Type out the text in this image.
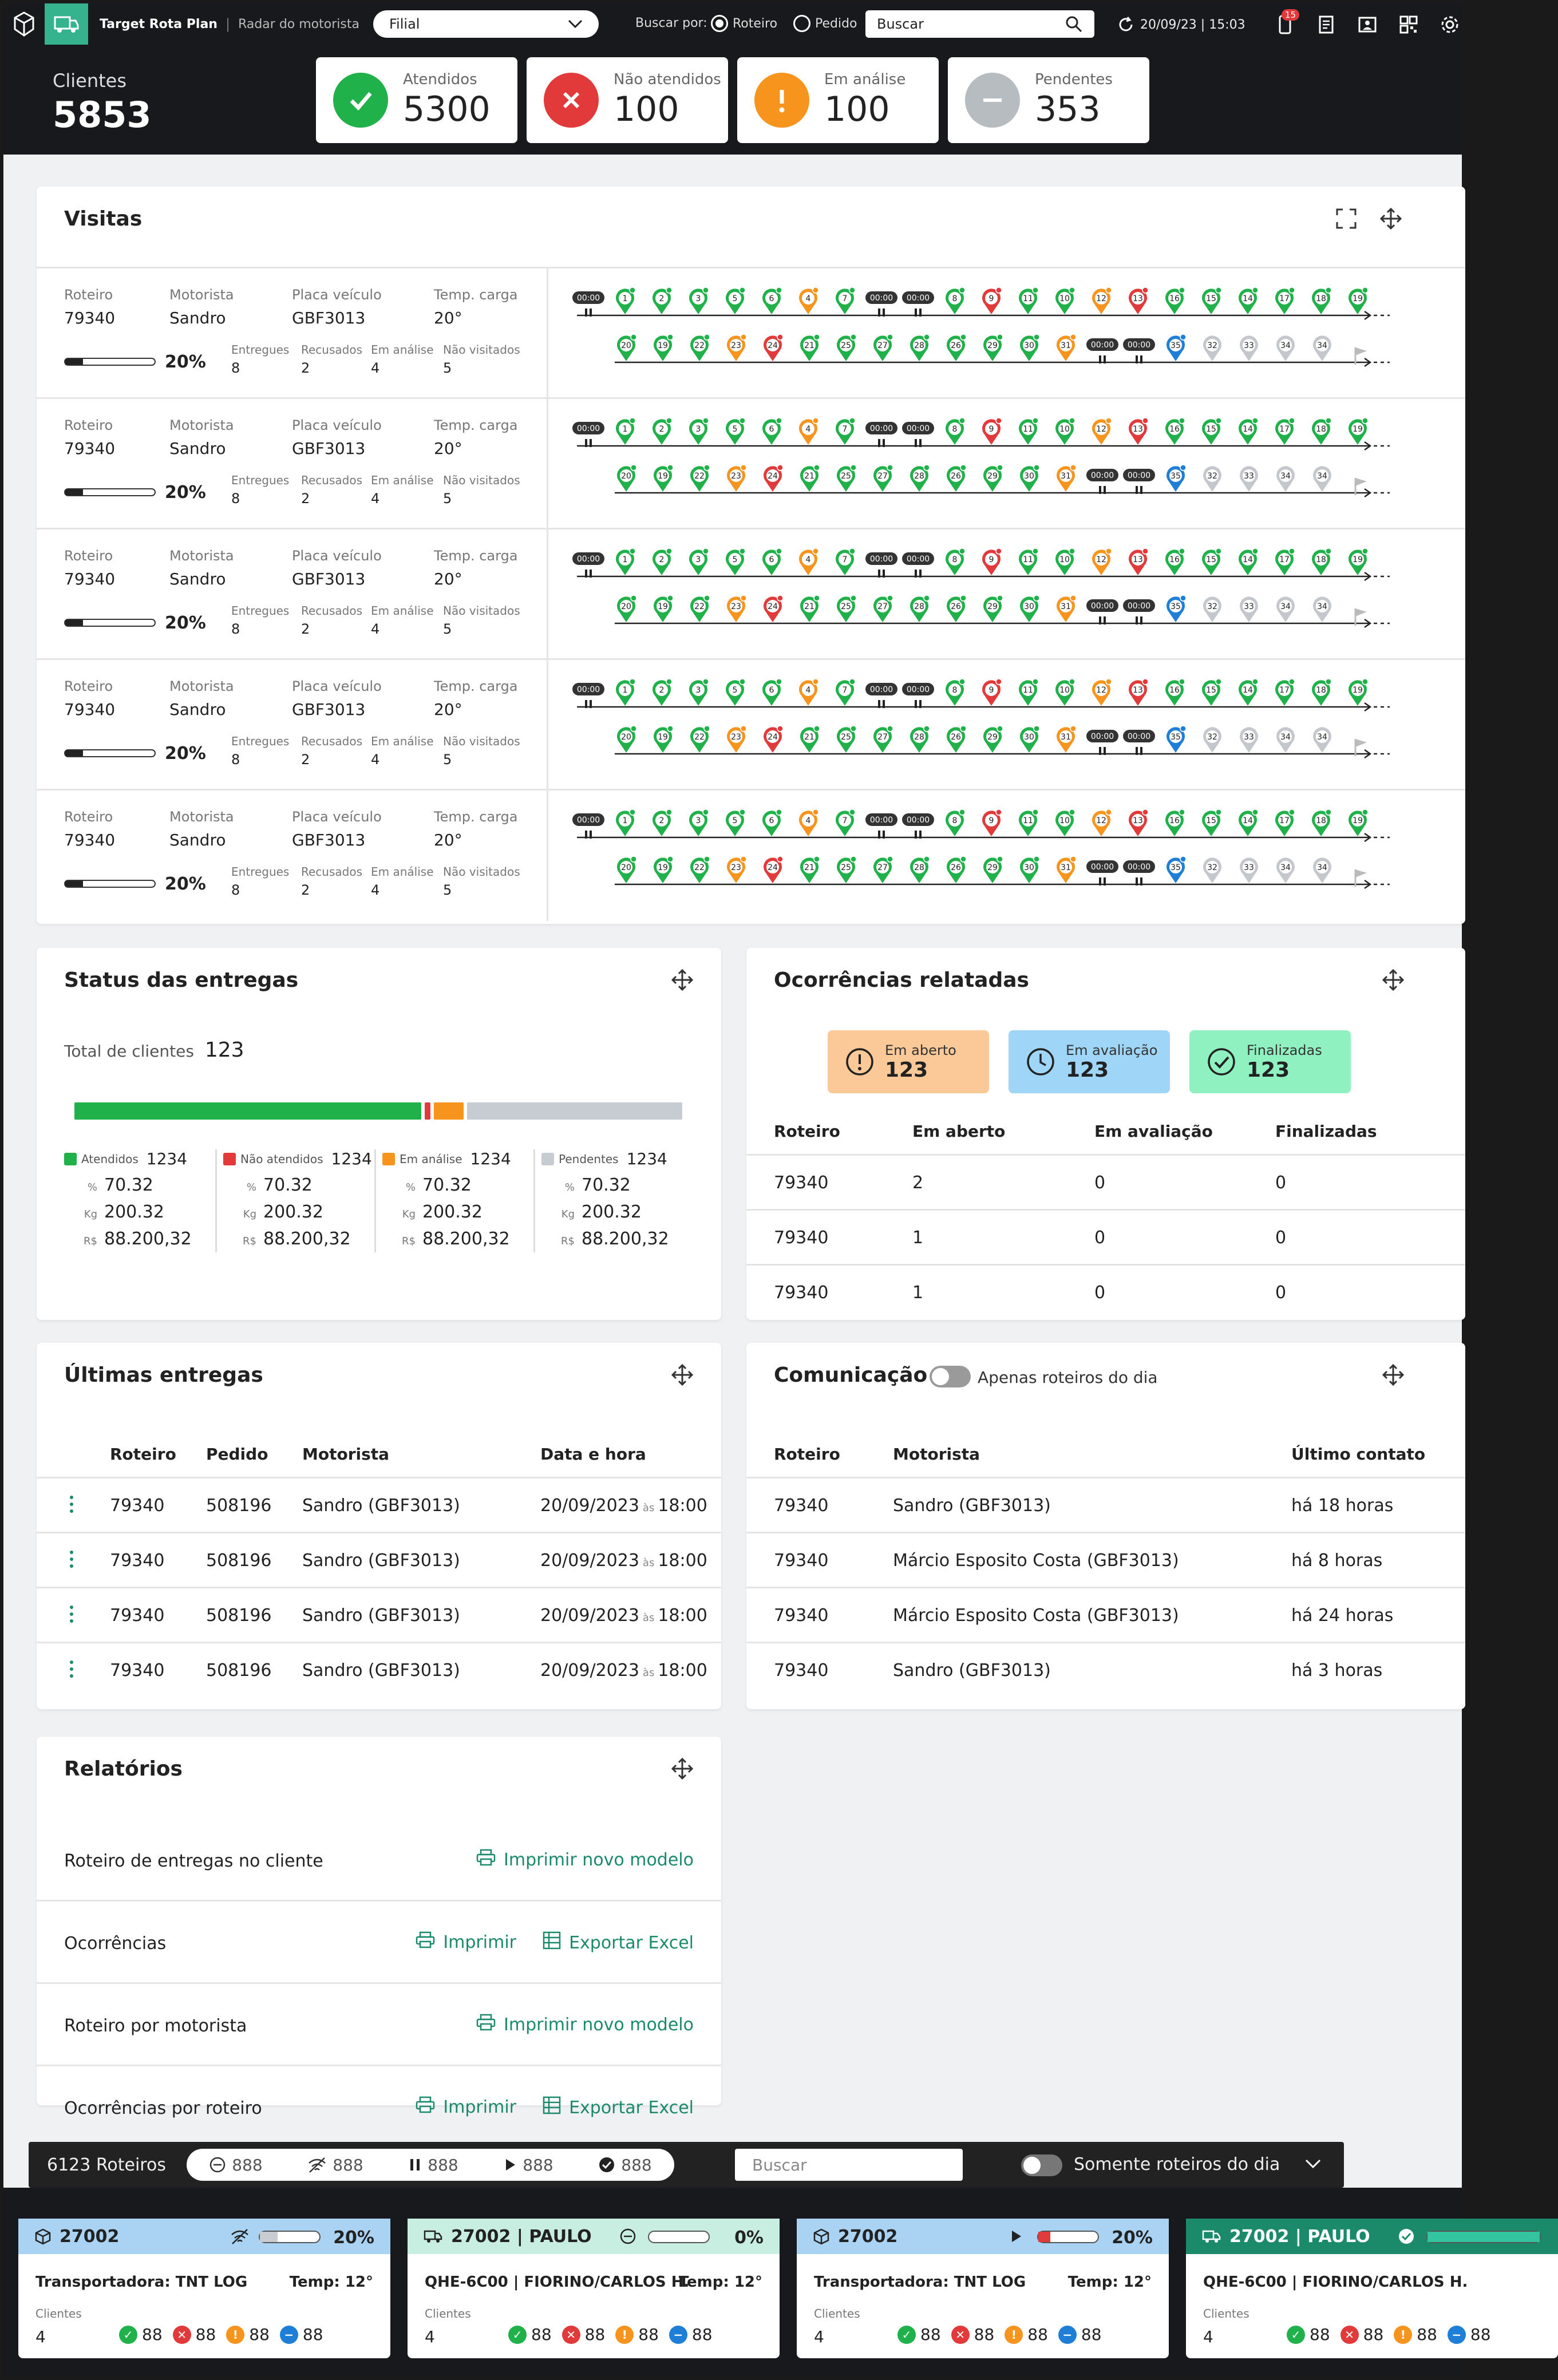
Target Rota Plan | Radar do motorista Filial	Buscar por: Roteiro	Pedido Buscar	20/09/23 | 15:03
15
Clientes
5853
Atendidos
5300
Não atendidos
100
Em análise
100
Pendentes
353
Visitas
Roteiro
79340
Motorista
Sandro
Placa veículo
GBF3013
Temp. carga
20°
20%
Entregues
8
Recusados
2
Em análise
4
Não visitados
5
00:00	1	2	3	5	6	4	7	00:00 00:00	8	9	11	10	12	13	16	15	14	17	18	19
20	19	22	23	24	21	25	27	28	26	29	30	31 00:00 00:00 35	32	33	34	34
Roteiro
79340
Motorista
Sandro
Placa veículo
GBF3013
Temp. carga
20°
20%
Entregues
8
Recusados
2
Em análise
4
Não visitados
5
00:00	1	2	3	5	6	4	7	00:00 00:00	8	9	11	10	12	13	16	15	14	17	18	19
20	19	22	23	24	21	25	27	28	26	29	30	31 00:00 00:00 35	32	33	34	34
Roteiro
79340
Motorista
Sandro
Placa veículo
GBF3013
Temp. carga
20°
20%
Entregues
8
Recusados
2
Em análise
4
Não visitados
5
00:00	1	2	3	5	6	4	7	00:00 00:00	8	9	11	10	12	13	16	15	14	17	18	19
20	19	22	23	24	21	25	27	28	26	29	30	31 00:00 00:00 35	32	33	34	34
Roteiro
79340
Motorista
Sandro
Placa veículo
GBF3013
Temp. carga
20°
20%
Entregues
8
Recusados
2
Em análise
4
Não visitados
5
00:00	1	2	3	5	6	4	7	00:00 00:00	8	9	11	10	12	13	16	15	14	17	18	19
20	19	22	23	24	21	25	27	28	26	29	30	31 00:00 00:00 35	32	33	34	34
Roteiro
79340
Motorista
Sandro
Placa veículo
GBF3013
Temp. carga
20°
20%
Entregues
8
Recusados
2
Em análise
4
Não visitados
5
00:00	1	2	3	5	6	4	7	00:00 00:00	8	9	11	10	12	13	16	15	14	17	18	19
20	19	22	23	24	21	25	27	28	26	29	30	31 00:00 00:00 35	32	33	34	34
Status das entregas
Total de clientes 123
Atendidos 1234
% 70.32
Kg 200.32
R$ 88.200,32
Não atendidos 1234
% 70.32
Kg 200.32
R$ 88.200,32
Em análise 1234
% 70.32
Kg 200.32
R$ 88.200,32
Pendentes 1234
% 70.32
Kg 200.32
R$ 88.200,32
Ocorrências relatadas
Em aberto
123
Em avaliação
123
Finalizadas
123
Roteiro	Em aberto	Em avaliação	Finalizadas
79340	2	0	0
79340	1	0	0
79340	1	0	0
Últimas entregas
Roteiro Pedido Motorista	Data e hora
79340 508196 Sandro (GBF3013)	20/09/2023 às 18:00
79340 508196 Sandro (GBF3013)	20/09/2023 às 18:00
79340 508196 Sandro (GBF3013)	20/09/2023 às 18:00
79340 508196 Sandro (GBF3013)	20/09/2023 às 18:00
Comunicação	Apenas roteiros do dia
Roteiro	Motorista	Último contato
79340	Sandro (GBF3013)	há 18 horas
79340	Márcio Esposito Costa (GBF3013)	há 8 horas
79340	Márcio Esposito Costa (GBF3013)	há 24 horas
79340	Sandro (GBF3013)	há 3 horas
Relatórios
Roteiro de entregas no cliente	Imprimir novo modelo
Ocorrências	Exportar Excel
Imprimir
Roteiro por motorista	Imprimir novo modelo
Ocorrências por roteiro	Exportar Excel
Imprimir
6123 Roteiros	888	888	888	888	888	Buscar	Somente roteiros do dia
27002	20%
Transportadora: TNT LOG	Temp: 12°
Clientes
4	✓ 88	✕ 88	! 88	− 88
27002 | PAULO	0%
QHE-6C00 | FIORINO/CARLOS H.
Temp: 12°
Clientes
4	✓ 88	✕ 88	! 88	− 88
27002	20%
Transportadora: TNT LOG	Temp: 12°
Clientes
4	✓ 88	✕ 88	! 88	− 88
27002 | PAULO
QHE-6C00 | FIORINO/CARLOS H.
Clientes
4	✓ 88	✕ 88	! 88	− 88
